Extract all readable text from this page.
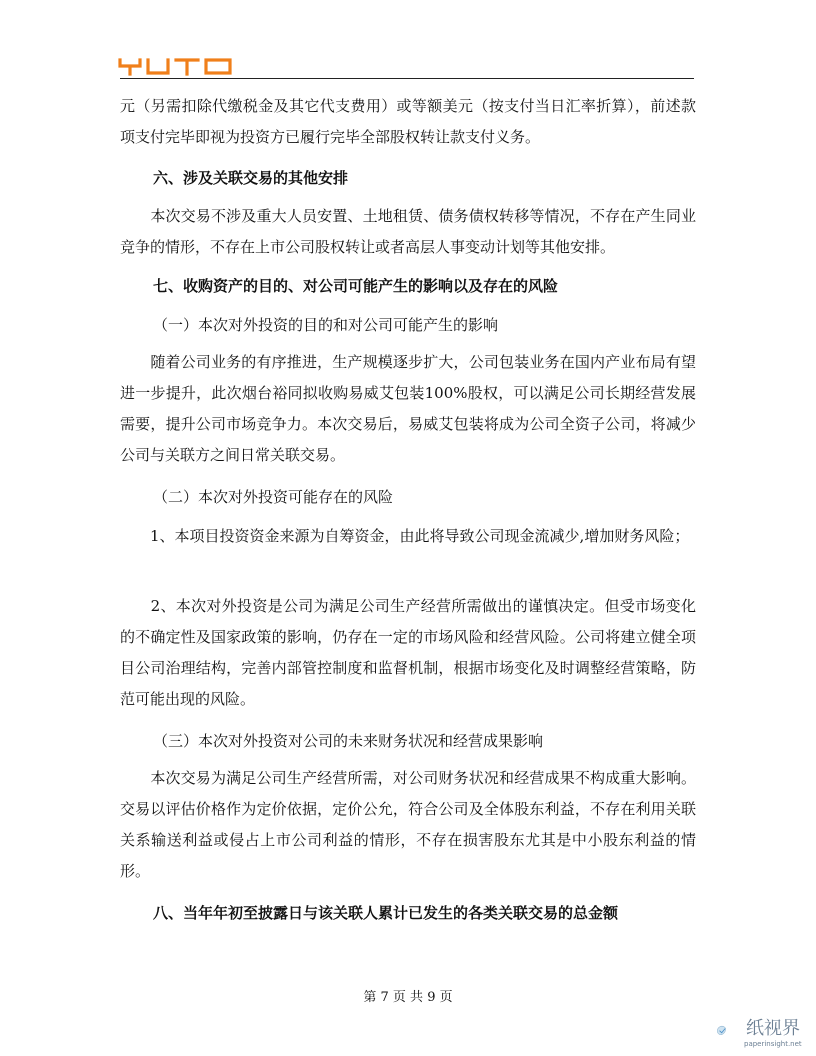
元（另需扣除代缴税金及其它代支费用）或等额美元（按支付当日汇率折算），前述款项支付完毕即视为投资方已履行完毕全部股权转让款支付义务。
六、涉及关联交易的其他安排
　　本次交易不涉及重大人员安置、土地租赁、债务债权转移等情况，不存在产生同业竞争的情形，不存在上市公司股权转让或者高层人事变动计划等其他安排。
七、收购资产的目的、对公司可能产生的影响以及存在的风险
（一）本次对外投资的目的和对公司可能产生的影响
　　随着公司业务的有序推进，生产规模逐步扩大，公司包装业务在国内产业布局有望进一步提升，此次烟台裕同拟收购易威艾包装100%股权，可以满足公司长期经营发展需要，提升公司市场竞争力。本次交易后，易威艾包装将成为公司全资子公司，将减少公司与关联方之间日常关联交易。
（二）本次对外投资可能存在的风险
　　1、本项目投资资金来源为自筹资金，由此将导致公司现金流减少,增加财务风险；
　　2、本次对外投资是公司为满足公司生产经营所需做出的谨慎决定。但受市场变化的不确定性及国家政策的影响，仍存在一定的市场风险和经营风险。公司将建立健全项目公司治理结构，完善内部管控制度和监督机制，根据市场变化及时调整经营策略，防范可能出现的风险。
（三）本次对外投资对公司的未来财务状况和经营成果影响
　　本次交易为满足公司生产经营所需，对公司财务状况和经营成果不构成重大影响。交易以评估价格作为定价依据，定价公允，符合公司及全体股东利益，不存在利用关联关系输送利益或侵占上市公司利益的情形，不存在损害股东尤其是中小股东利益的情形。
八、当年年初至披露日与该关联人累计已发生的各类关联交易的总金额
第 7 页 共 9 页
纸视界
paperinsight.net
